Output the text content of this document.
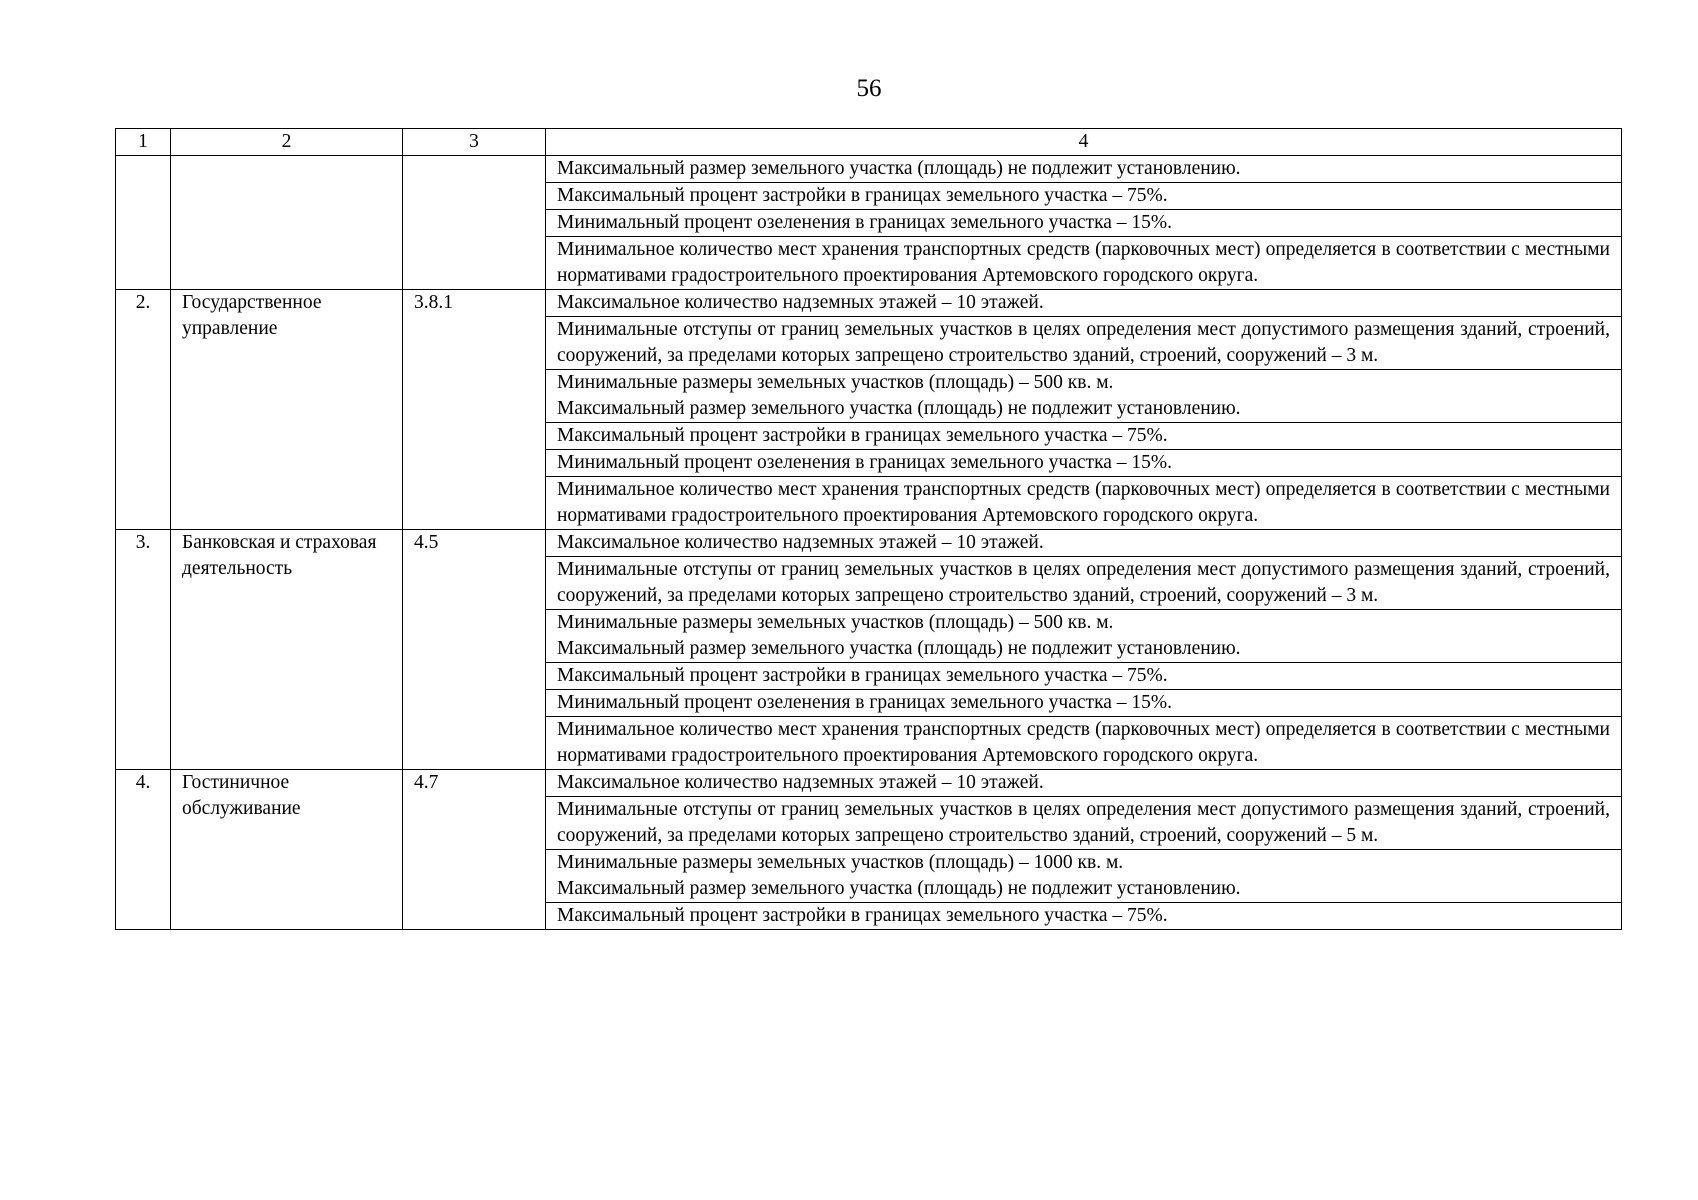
56
1	2	3	4

			Максимальный размер земельного участка (площадь) не подлежит установлению.

			Максимальный процент застройки в границах земельного участка – 75%.

			Минимальный процент озеленения в границах земельного участка – 15%.

			Минимальное количество мест хранения транспортных средств (парковочных мест) определяется в соответствии с местными нормативами градостроительного проектирования Артемовского городского округа.

2.	Государственное управление	3.8.1	Максимальное количество надземных этажей – 10 этажей.

			Минимальные отступы от границ земельных участков в целях определения мест допустимого размещения зданий, строений, сооружений, за пределами которых запрещено строительство зданий, строений, сооружений – 3 м.

			Минимальные размеры земельных участков (площадь) – 500 кв. м.
Максимальный размер земельного участка (площадь) не подлежит установлению.

			Максимальный процент застройки в границах земельного участка – 75%.

			Минимальный процент озеленения в границах земельного участка – 15%.

			Минимальное количество мест хранения транспортных средств (парковочных мест) определяется в соответствии с местными нормативами градостроительного проектирования Артемовского городского округа.

3.	Банковская и страховая деятельность	4.5	Максимальное количество надземных этажей – 10 этажей.

			Минимальные отступы от границ земельных участков в целях определения мест допустимого размещения зданий, строений, сооружений, за пределами которых запрещено строительство зданий, строений, сооружений – 3 м.

			Минимальные размеры земельных участков (площадь) – 500 кв. м.
Максимальный размер земельного участка (площадь) не подлежит установлению.

			Максимальный процент застройки в границах земельного участка – 75%.

			Минимальный процент озеленения в границах земельного участка – 15%.

			Минимальное количество мест хранения транспортных средств (парковочных мест) определяется в соответствии с местными нормативами градостроительного проектирования Артемовского городского округа.

4.	Гостиничное обслуживание	4.7	Максимальное количество надземных этажей – 10 этажей.

			Минимальные отступы от границ земельных участков в целях определения мест допустимого размещения зданий, строений, сооружений, за пределами которых запрещено строительство зданий, строений, сооружений – 5 м.

			Минимальные размеры земельных участков (площадь) – 1000 кв. м.
Максимальный размер земельного участка (площадь) не подлежит установлению.

			Максимальный процент застройки в границах земельного участка – 75%.
